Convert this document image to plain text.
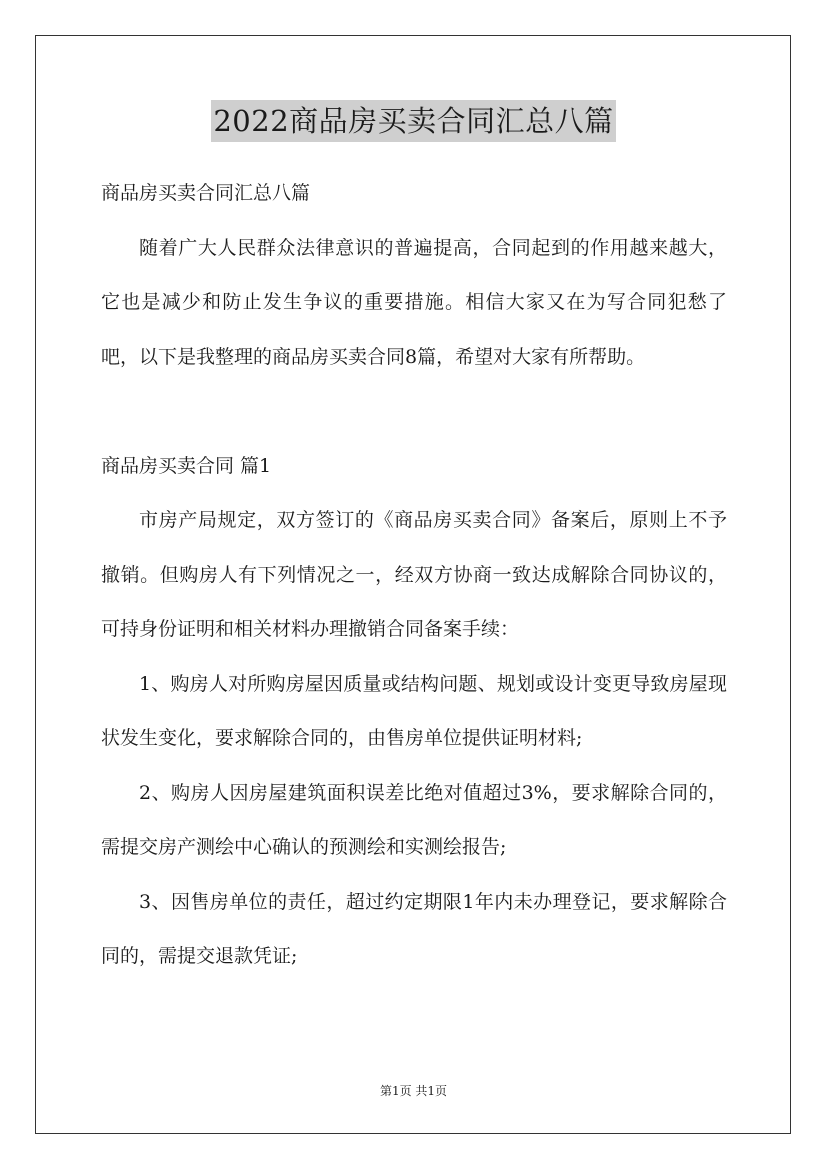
2022商品房买卖合同汇总八篇

商品房买卖合同汇总八篇

随着广大人民群众法律意识的普遍提高，合同起到的作用越来越大，它也是减少和防止发生争议的重要措施。相信大家又在为写合同犯愁了吧，以下是我整理的商品房买卖合同8篇，希望对大家有所帮助。

商品房买卖合同 篇1

市房产局规定，双方签订的《商品房买卖合同》备案后，原则上不予撤销。但购房人有下列情况之一，经双方协商一致达成解除合同协议的，可持身份证明和相关材料办理撤销合同备案手续：

1、购房人对所购房屋因质量或结构问题、规划或设计变更导致房屋现状发生变化，要求解除合同的，由售房单位提供证明材料;

2、购房人因房屋建筑面积误差比绝对值超过3%，要求解除合同的，需提交房产测绘中心确认的预测绘和实测绘报告;

3、因售房单位的责任，超过约定期限1年内未办理登记，要求解除合同的，需提交退款凭证;

第1页 共1页
